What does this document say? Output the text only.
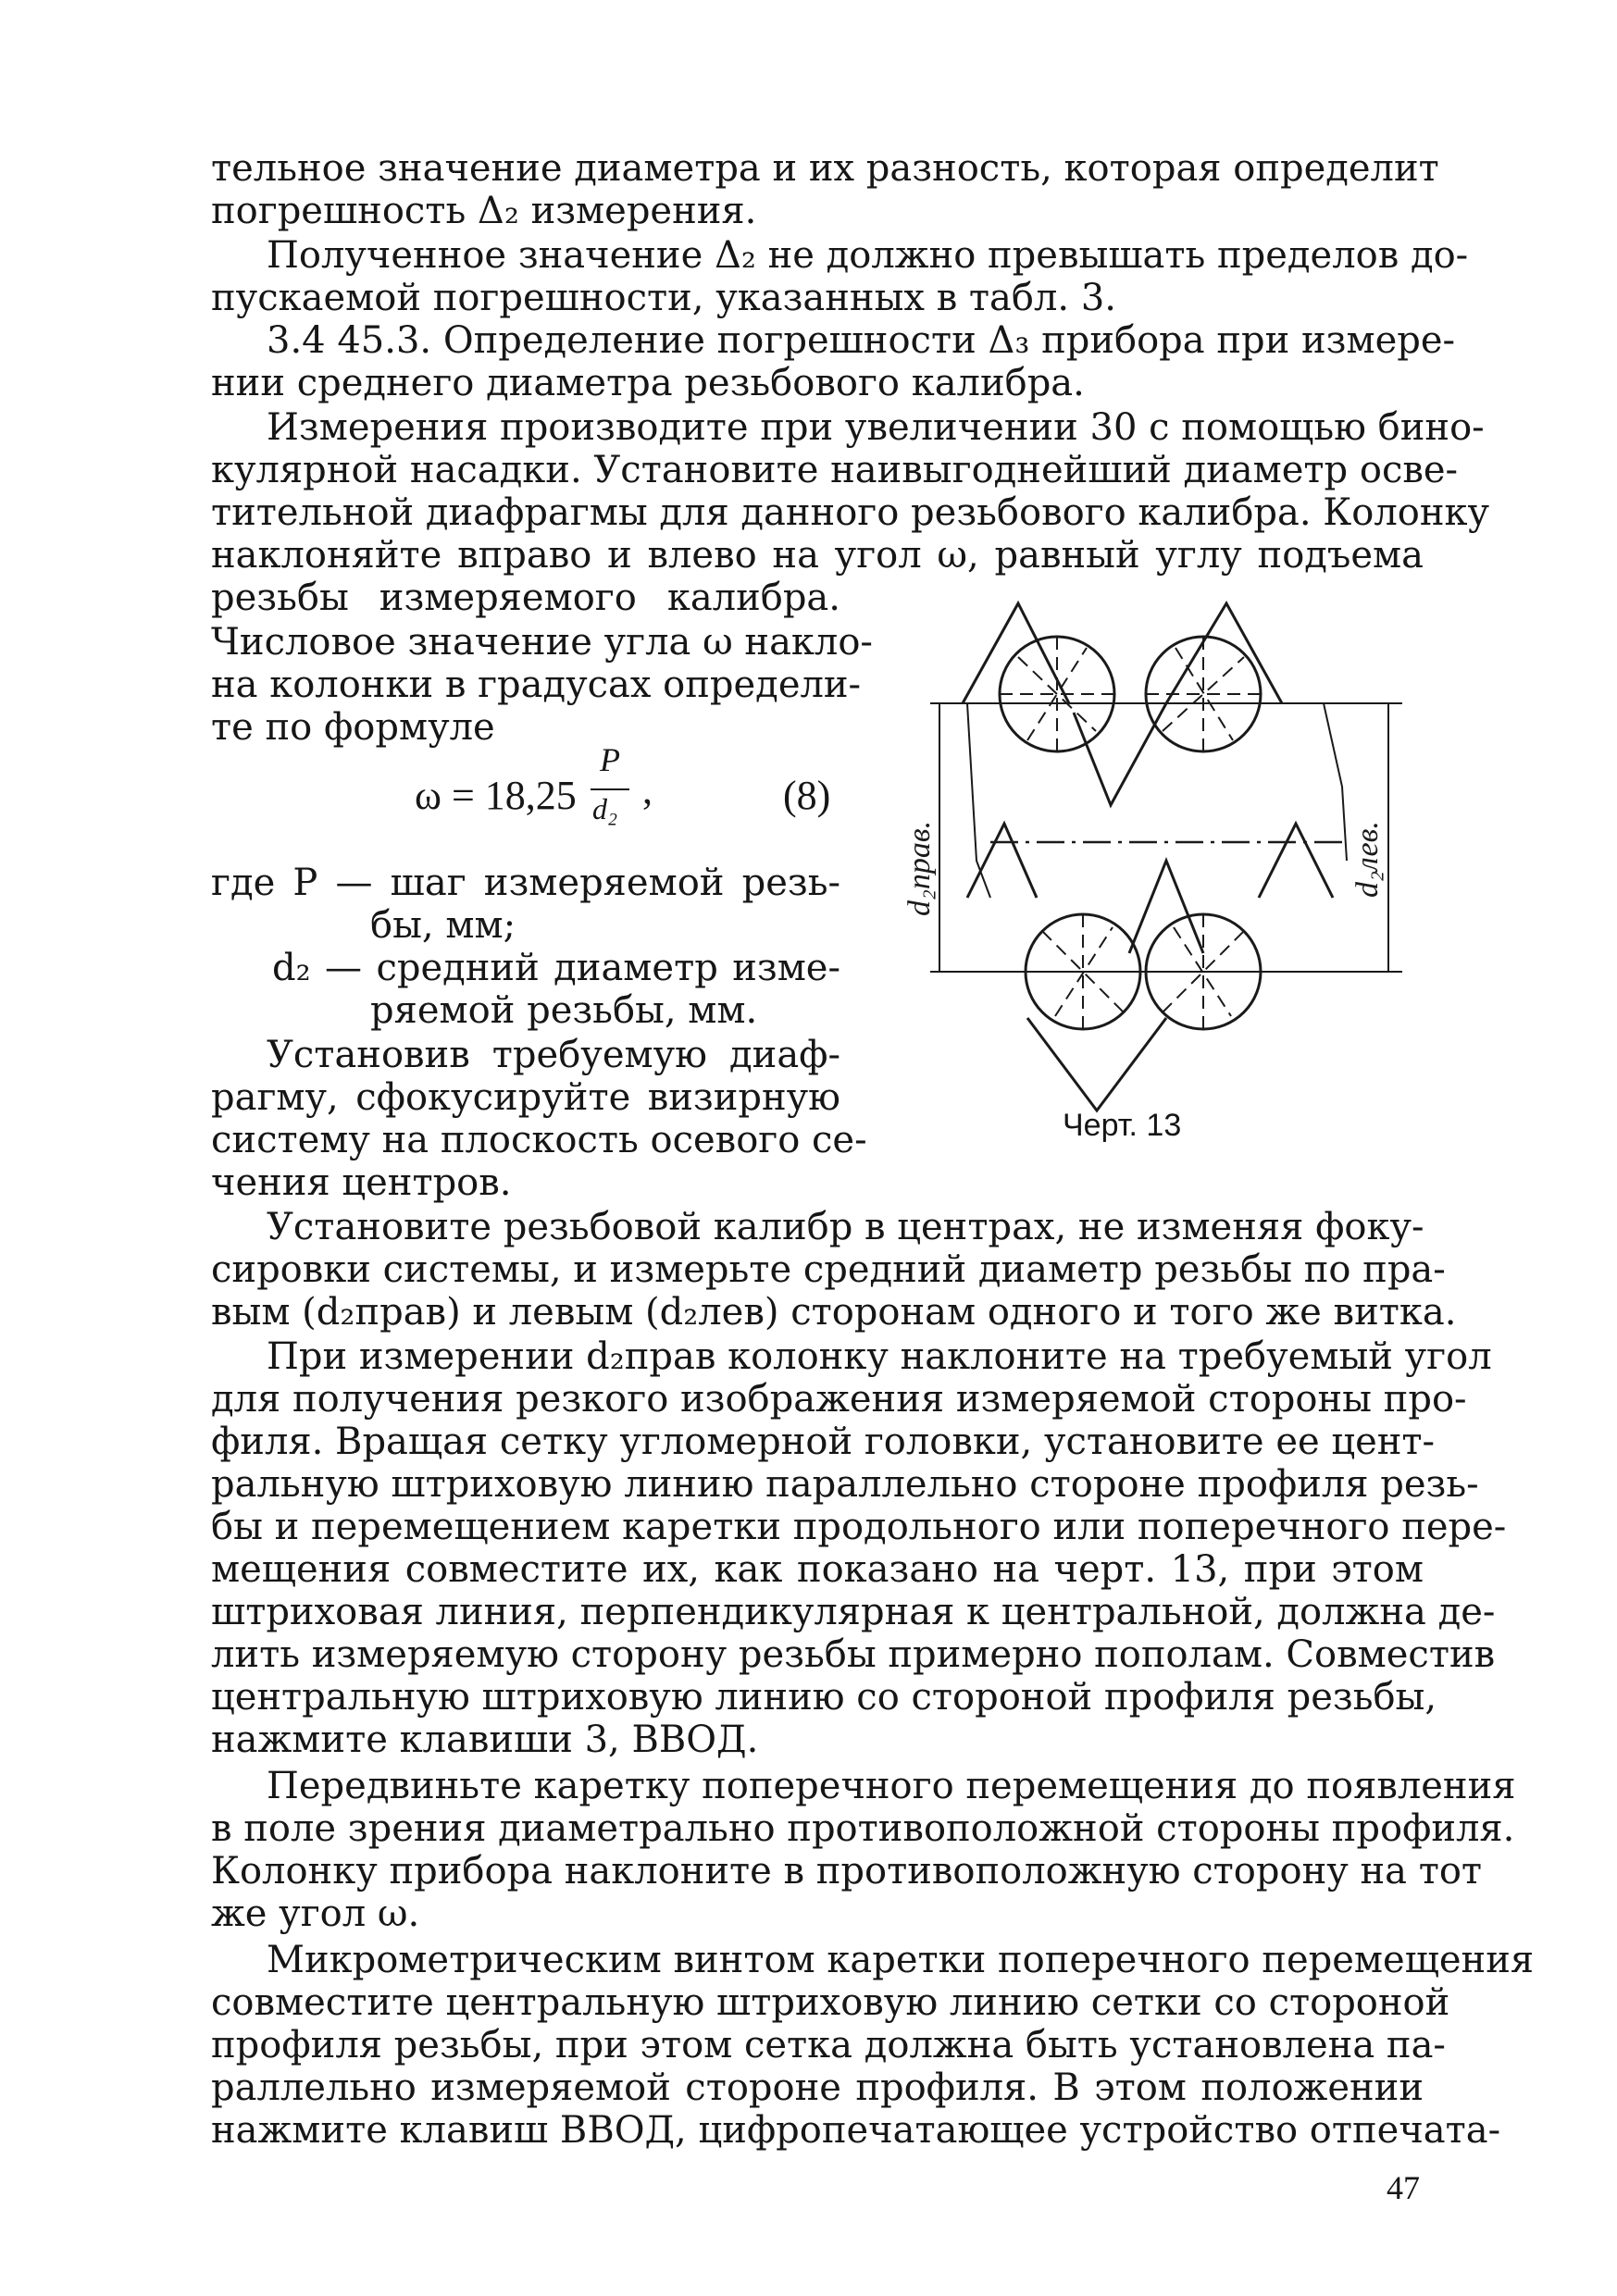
тельное значение диаметра и их разность, которая определит

погрешность Δ₂ измерения.

Полученное значение Δ₂ не должно превышать пределов до-

пускаемой погрешности, указанных в табл. 3.

3.4 45.3. Определение погрешности Δ₃ прибора при измере-

нии среднего диаметра резьбового калибра.

Измерения производите при увеличении 30 с помощью бино-

кулярной насадки. Установите наивыгоднейший диаметр осве-

тительной диафрагмы для данного резьбового калибра. Колонку

наклоняйте вправо и влево на угол ω, равный углу подъема

резьбы измеряемого калибра.

Числовое значение угла ω накло-

на колонки в градусах определи-

те по формуле

ω = 18,25
P
d₂ ,	(8)

где P — шаг измеряемой резь-

бы, мм;

d₂ — средний диаметр изме-

ряемой резьбы, мм.

Установив требуемую диаф-

рагму, сфокусируйте визирную

систему на плоскость осевого се-

чения центров.

d₂прав.	d₂лев.
Черт. 13

Установите резьбовой калибр в центрах, не изменяя фоку-

сировки системы, и измерьте средний диаметр резьбы по пра-

вым (d₂прав) и левым (d₂лев) сторонам одного и того же витка.

При измерении d₂прав колонку наклоните на требуемый угол

для получения резкого изображения измеряемой стороны про-

филя. Вращая сетку угломерной головки, установите ее цент-

ральную штриховую линию параллельно стороне профиля резь-

бы и перемещением каретки продольного или поперечного пере-

мещения совместите их, как показано на черт. 13, при этом

штриховая линия, перпендикулярная к центральной, должна де-

лить измеряемую сторону резьбы примерно пополам. Совместив

центральную штриховую линию со стороной профиля резьбы,

нажмите клавиши 3, ВВОД.

Передвиньте каретку поперечного перемещения до появления

в поле зрения диаметрально противоположной стороны профиля.

Колонку прибора наклоните в противоположную сторону на тот

же угол ω.

Микрометрическим винтом каретки поперечного перемещения

совместите центральную штриховую линию сетки со стороной

профиля резьбы, при этом сетка должна быть установлена па-

раллельно измеряемой стороне профиля. В этом положении

нажмите клавиш ВВОД, цифропечатающее устройство отпечата-

47
